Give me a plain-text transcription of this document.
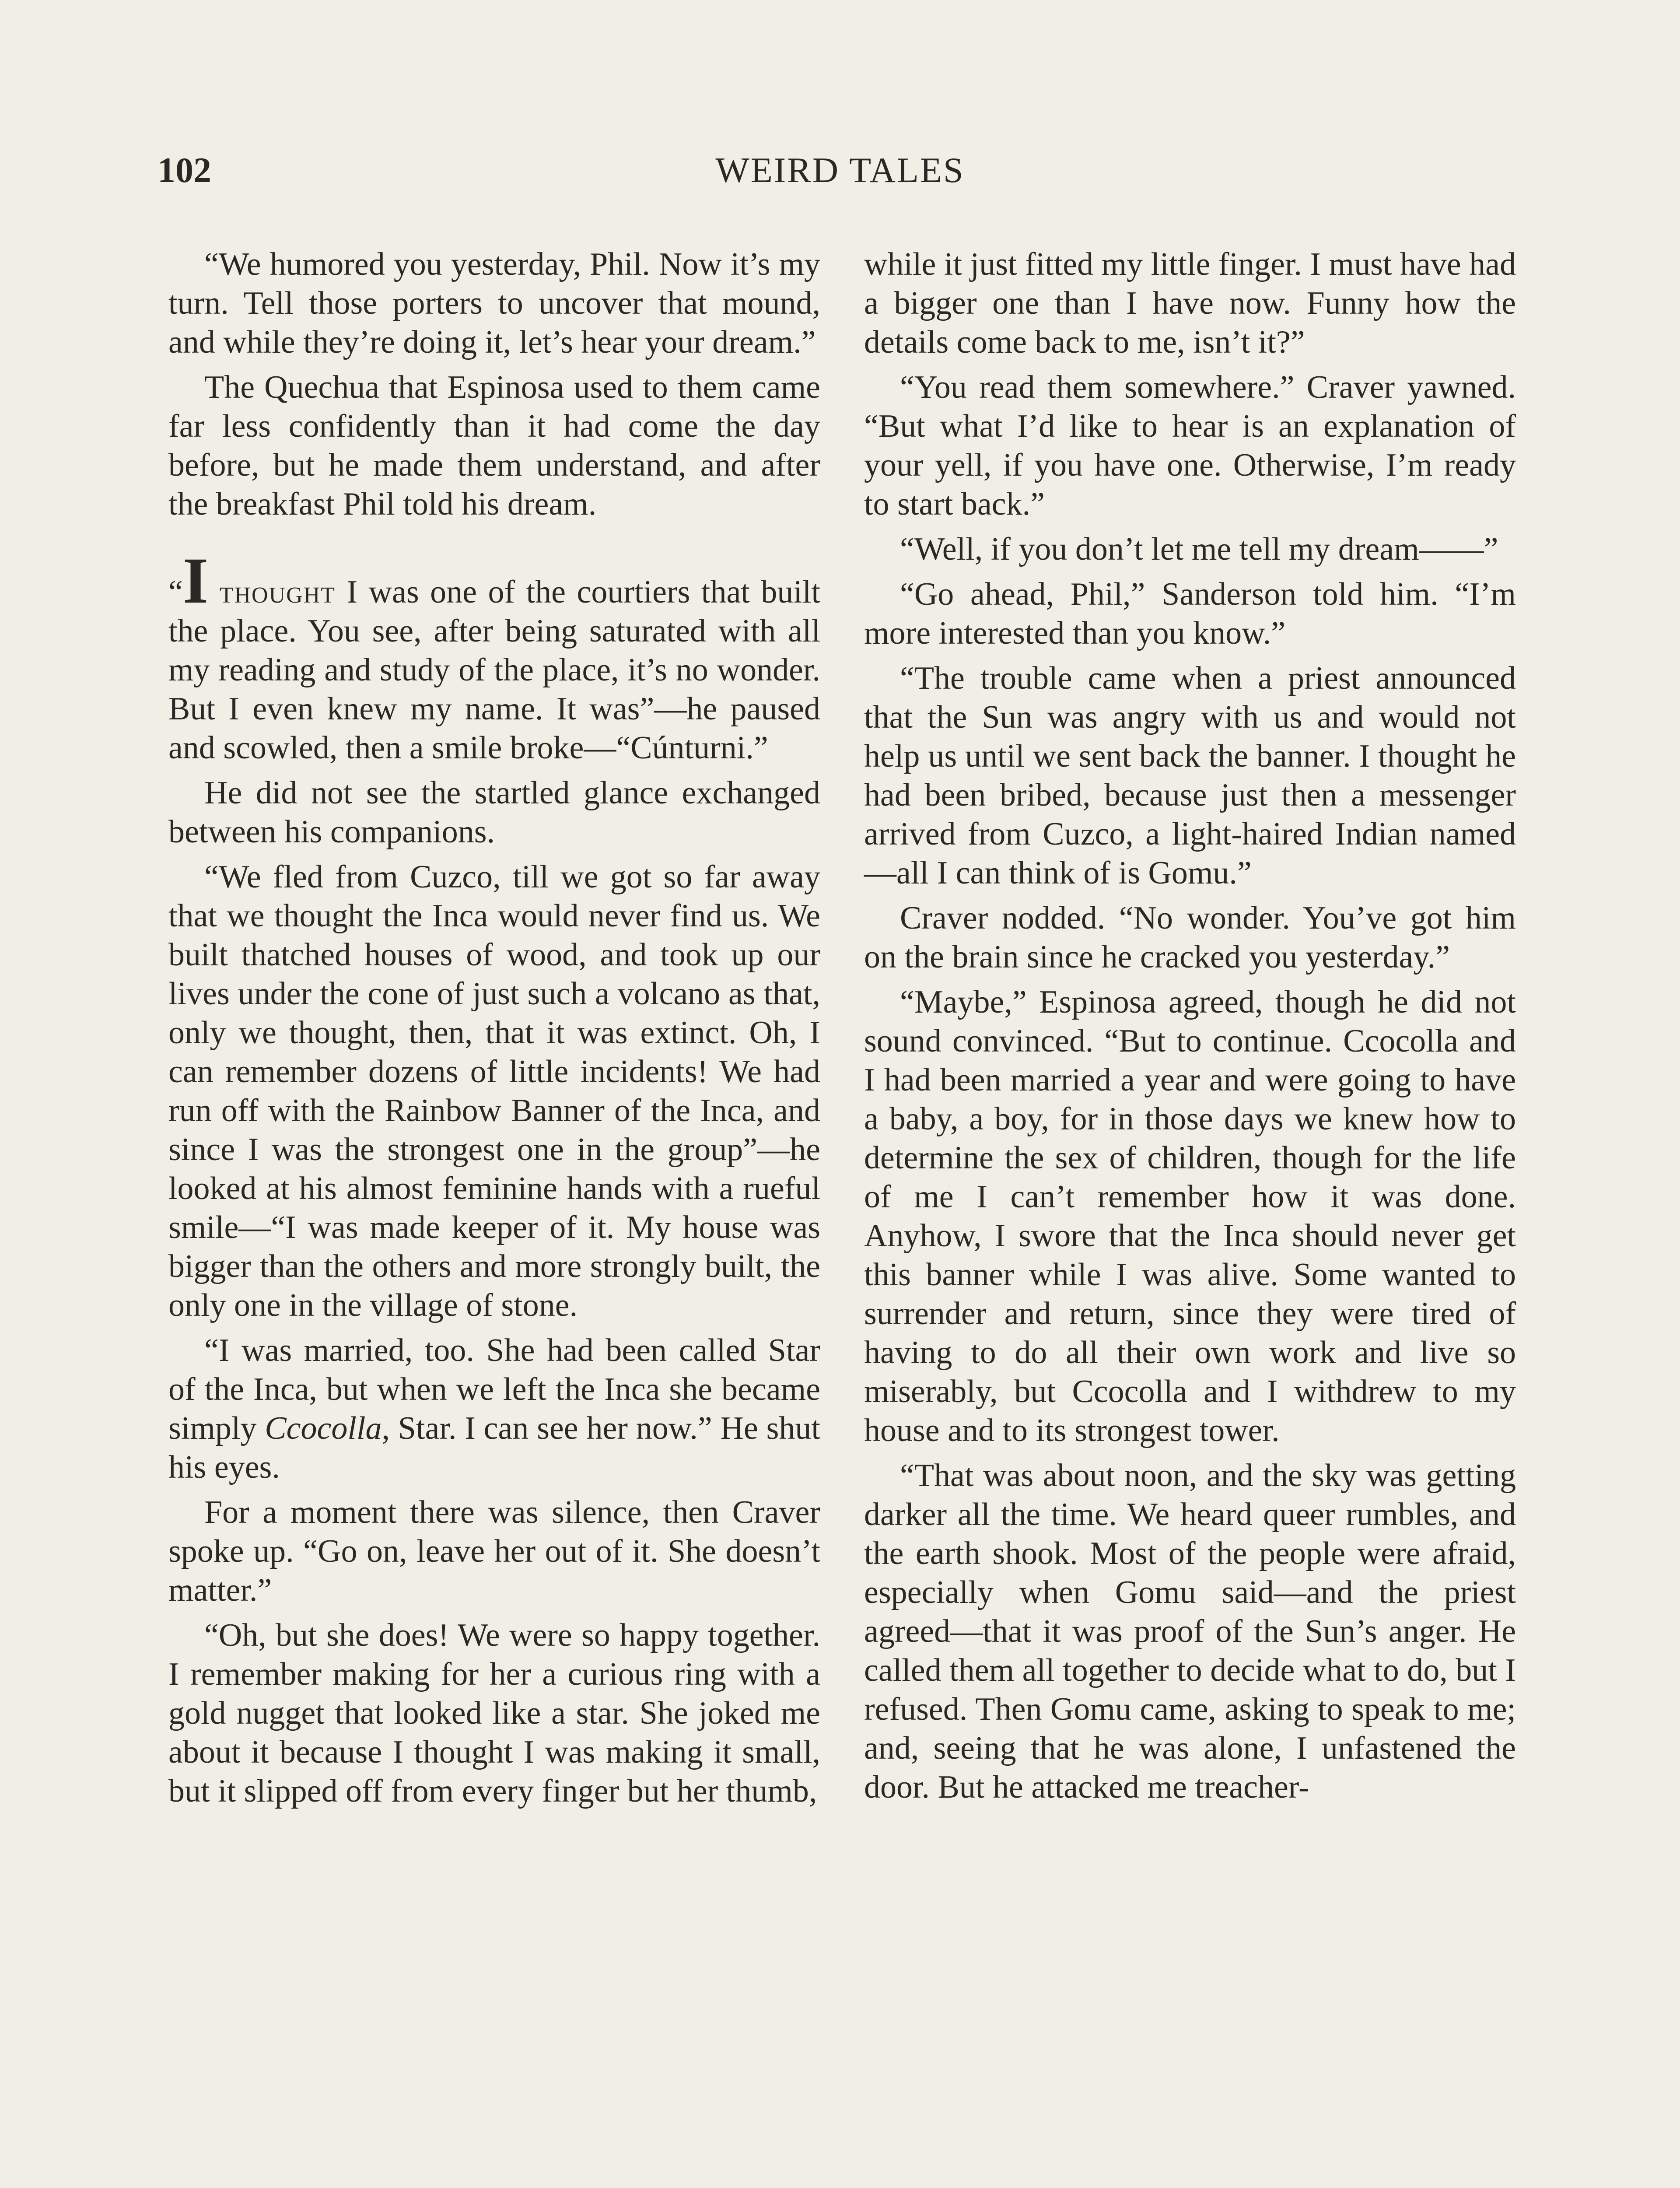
102	WEIRD TALES

“We humored you yesterday, Phil. Now it’s my turn. Tell those porters to uncover that mound, and while they’re doing it, let’s hear your dream.”

The Quechua that Espinosa used to them came far less confidently than it had come the day before, but he made them understand, and after the breakfast Phil told his dream.

“I thought I was one of the courtiers that built the place. You see, after being saturated with all my reading and study of the place, it’s no wonder. But I even knew my name. It was”—he paused and scowled, then a smile broke—“Cúnturni.”

He did not see the startled glance exchanged between his companions.

“We fled from Cuzco, till we got so far away that we thought the Inca would never find us. We built thatched houses of wood, and took up our lives under the cone of just such a volcano as that, only we thought, then, that it was extinct. Oh, I can remember dozens of little incidents! We had run off with the Rainbow Banner of the Inca, and since I was the strongest one in the group”—he looked at his almost feminine hands with a rueful smile—“I was made keeper of it. My house was bigger than the others and more strongly built, the only one in the village of stone.

“I was married, too. She had been called Star of the Inca, but when we left the Inca she became simply Ccocolla, Star. I can see her now.” He shut his eyes.

For a moment there was silence, then Craver spoke up. “Go on, leave her out of it. She doesn’t matter.”

“Oh, but she does! We were so happy together. I remember making for her a curious ring with a gold nugget that looked like a star. She joked me about it because I thought I was making it small, but it slipped off from every finger but her thumb,

while it just fitted my little finger. I must have had a bigger one than I have now. Funny how the details come back to me, isn’t it?”

“You read them somewhere.” Craver yawned. “But what I’d like to hear is an explanation of your yell, if you have one. Otherwise, I’m ready to start back.”

“Well, if you don’t let me tell my dream——”

“Go ahead, Phil,” Sanderson told him. “I’m more interested than you know.”

“The trouble came when a priest announced that the Sun was angry with us and would not help us until we sent back the banner. I thought he had been bribed, because just then a messenger arrived from Cuzco, a light-haired Indian named—all I can think of is Gomu.”

Craver nodded. “No wonder. You’ve got him on the brain since he cracked you yesterday.”

“Maybe,” Espinosa agreed, though he did not sound convinced. “But to continue. Ccocolla and I had been married a year and were going to have a baby, a boy, for in those days we knew how to determine the sex of children, though for the life of me I can’t remember how it was done. Anyhow, I swore that the Inca should never get this banner while I was alive. Some wanted to surrender and return, since they were tired of having to do all their own work and live so miserably, but Ccocolla and I withdrew to my house and to its strongest tower.

“That was about noon, and the sky was getting darker all the time. We heard queer rumbles, and the earth shook. Most of the people were afraid, especially when Gomu said—and the priest agreed—that it was proof of the Sun’s anger. He called them all together to decide what to do, but I refused. Then Gomu came, asking to speak to me; and, seeing that he was alone, I unfastened the door. But he attacked me treacher-
